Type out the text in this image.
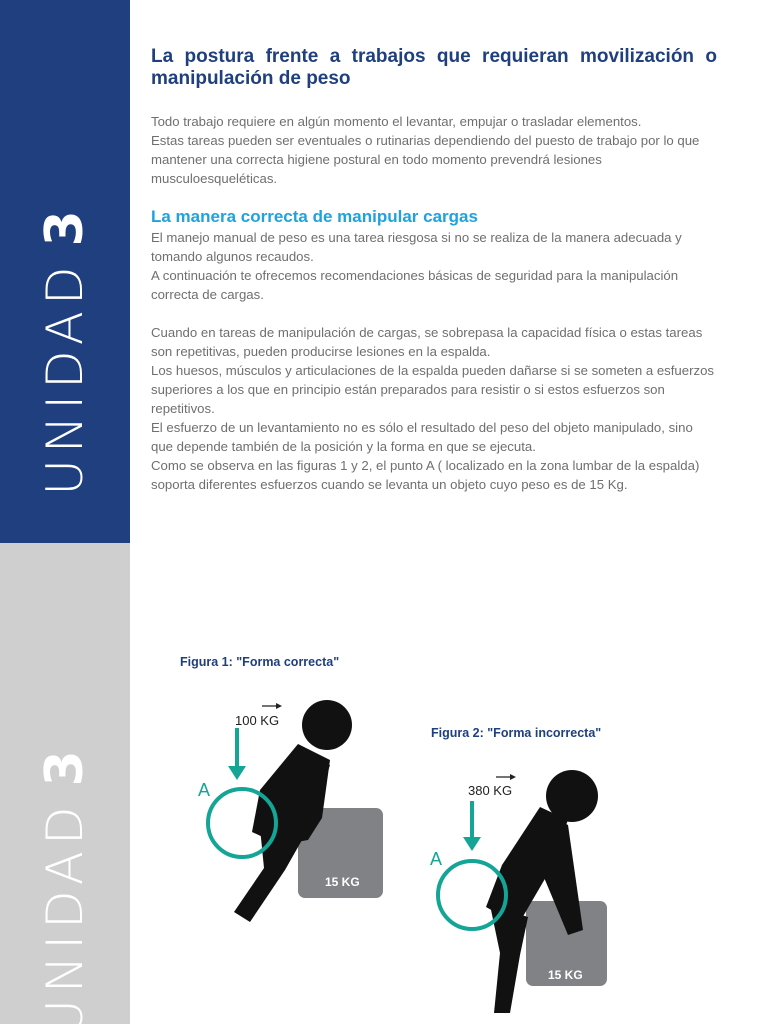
UNIDAD3
UNIDAD3
La postura frente a trabajos que requieran movilización o manipulación de peso

Todo trabajo requiere en algún momento el levantar, empujar o trasladar elementos.

Estas tareas pueden ser eventuales o rutinarias dependiendo del puesto de trabajo por lo que mantener una correcta higiene postural en todo momento prevendrá lesiones musculoesqueléticas.

La manera correcta de manipular cargas

El manejo manual de peso es una tarea riesgosa si no se realiza de la manera adecuada y tomando algunos recaudos.

A continuación te ofrecemos recomendaciones básicas de seguridad para la manipulación correcta de cargas.

Cuando en tareas de manipulación de cargas, se sobrepasa la capacidad física o estas tareas son repetitivas, pueden producirse lesiones en la espalda.

Los huesos, músculos y articulaciones de la espalda pueden dañarse si se someten a esfuerzos superiores a los que en principio están preparados para resistir o si estos esfuerzos son repetitivos.

El esfuerzo de un levantamiento no es sólo el resultado del peso del objeto manipulado, sino que depende también de la posición y la forma en que se ejecuta.

Como se observa en las figuras 1 y 2, el punto A ( localizado en la zona lumbar de la espalda) soporta diferentes esfuerzos cuando se levanta un objeto cuyo peso es de 15 Kg.

Figura 1: "Forma correcta"
A
100 KG
15 KG
Figura 2: "Forma incorrecta"
A
380 KG
15 KG
